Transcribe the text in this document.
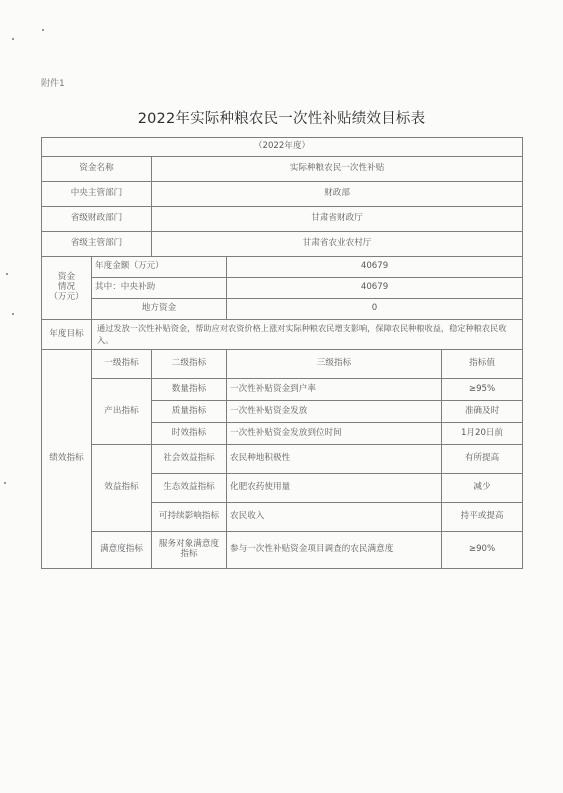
附件1
2022年实际种粮农民一次性补贴绩效目标表
（2022年度）				
资金名称		实际种粮农民一次性补贴		
中央主管部门		财政部		
省级财政部门		甘肃省财政厅		
省级主管部门		甘肃省农业农村厅		
资金
情况
（万元）	年度金额（万元）		40679	
	其中：中央补助		40679	
	地方资金		0	
年度目标	通过发放一次性补贴资金，帮助应对农资价格上涨对实际种粮农民增支影响，保障农民种粮收益，稳定种粮农民收入。			
绩效指标	一级指标	二级指标	三级指标	指标值
	产出指标	数量指标	一次性补贴资金到户率	≥95%
		质量指标	一次性补贴资金发放	准确及时
		时效指标	一次性补贴资金发放到位时间	1月20日前
	效益指标	社会效益指标	农民种地积极性	有所提高
		生态效益指标	化肥农药使用量	减少
		可持续影响指标	农民收入	持平或提高
	满意度指标	服务对象满意度指标	参与一次性补贴资金项目调查的农民满意度	≥90%
